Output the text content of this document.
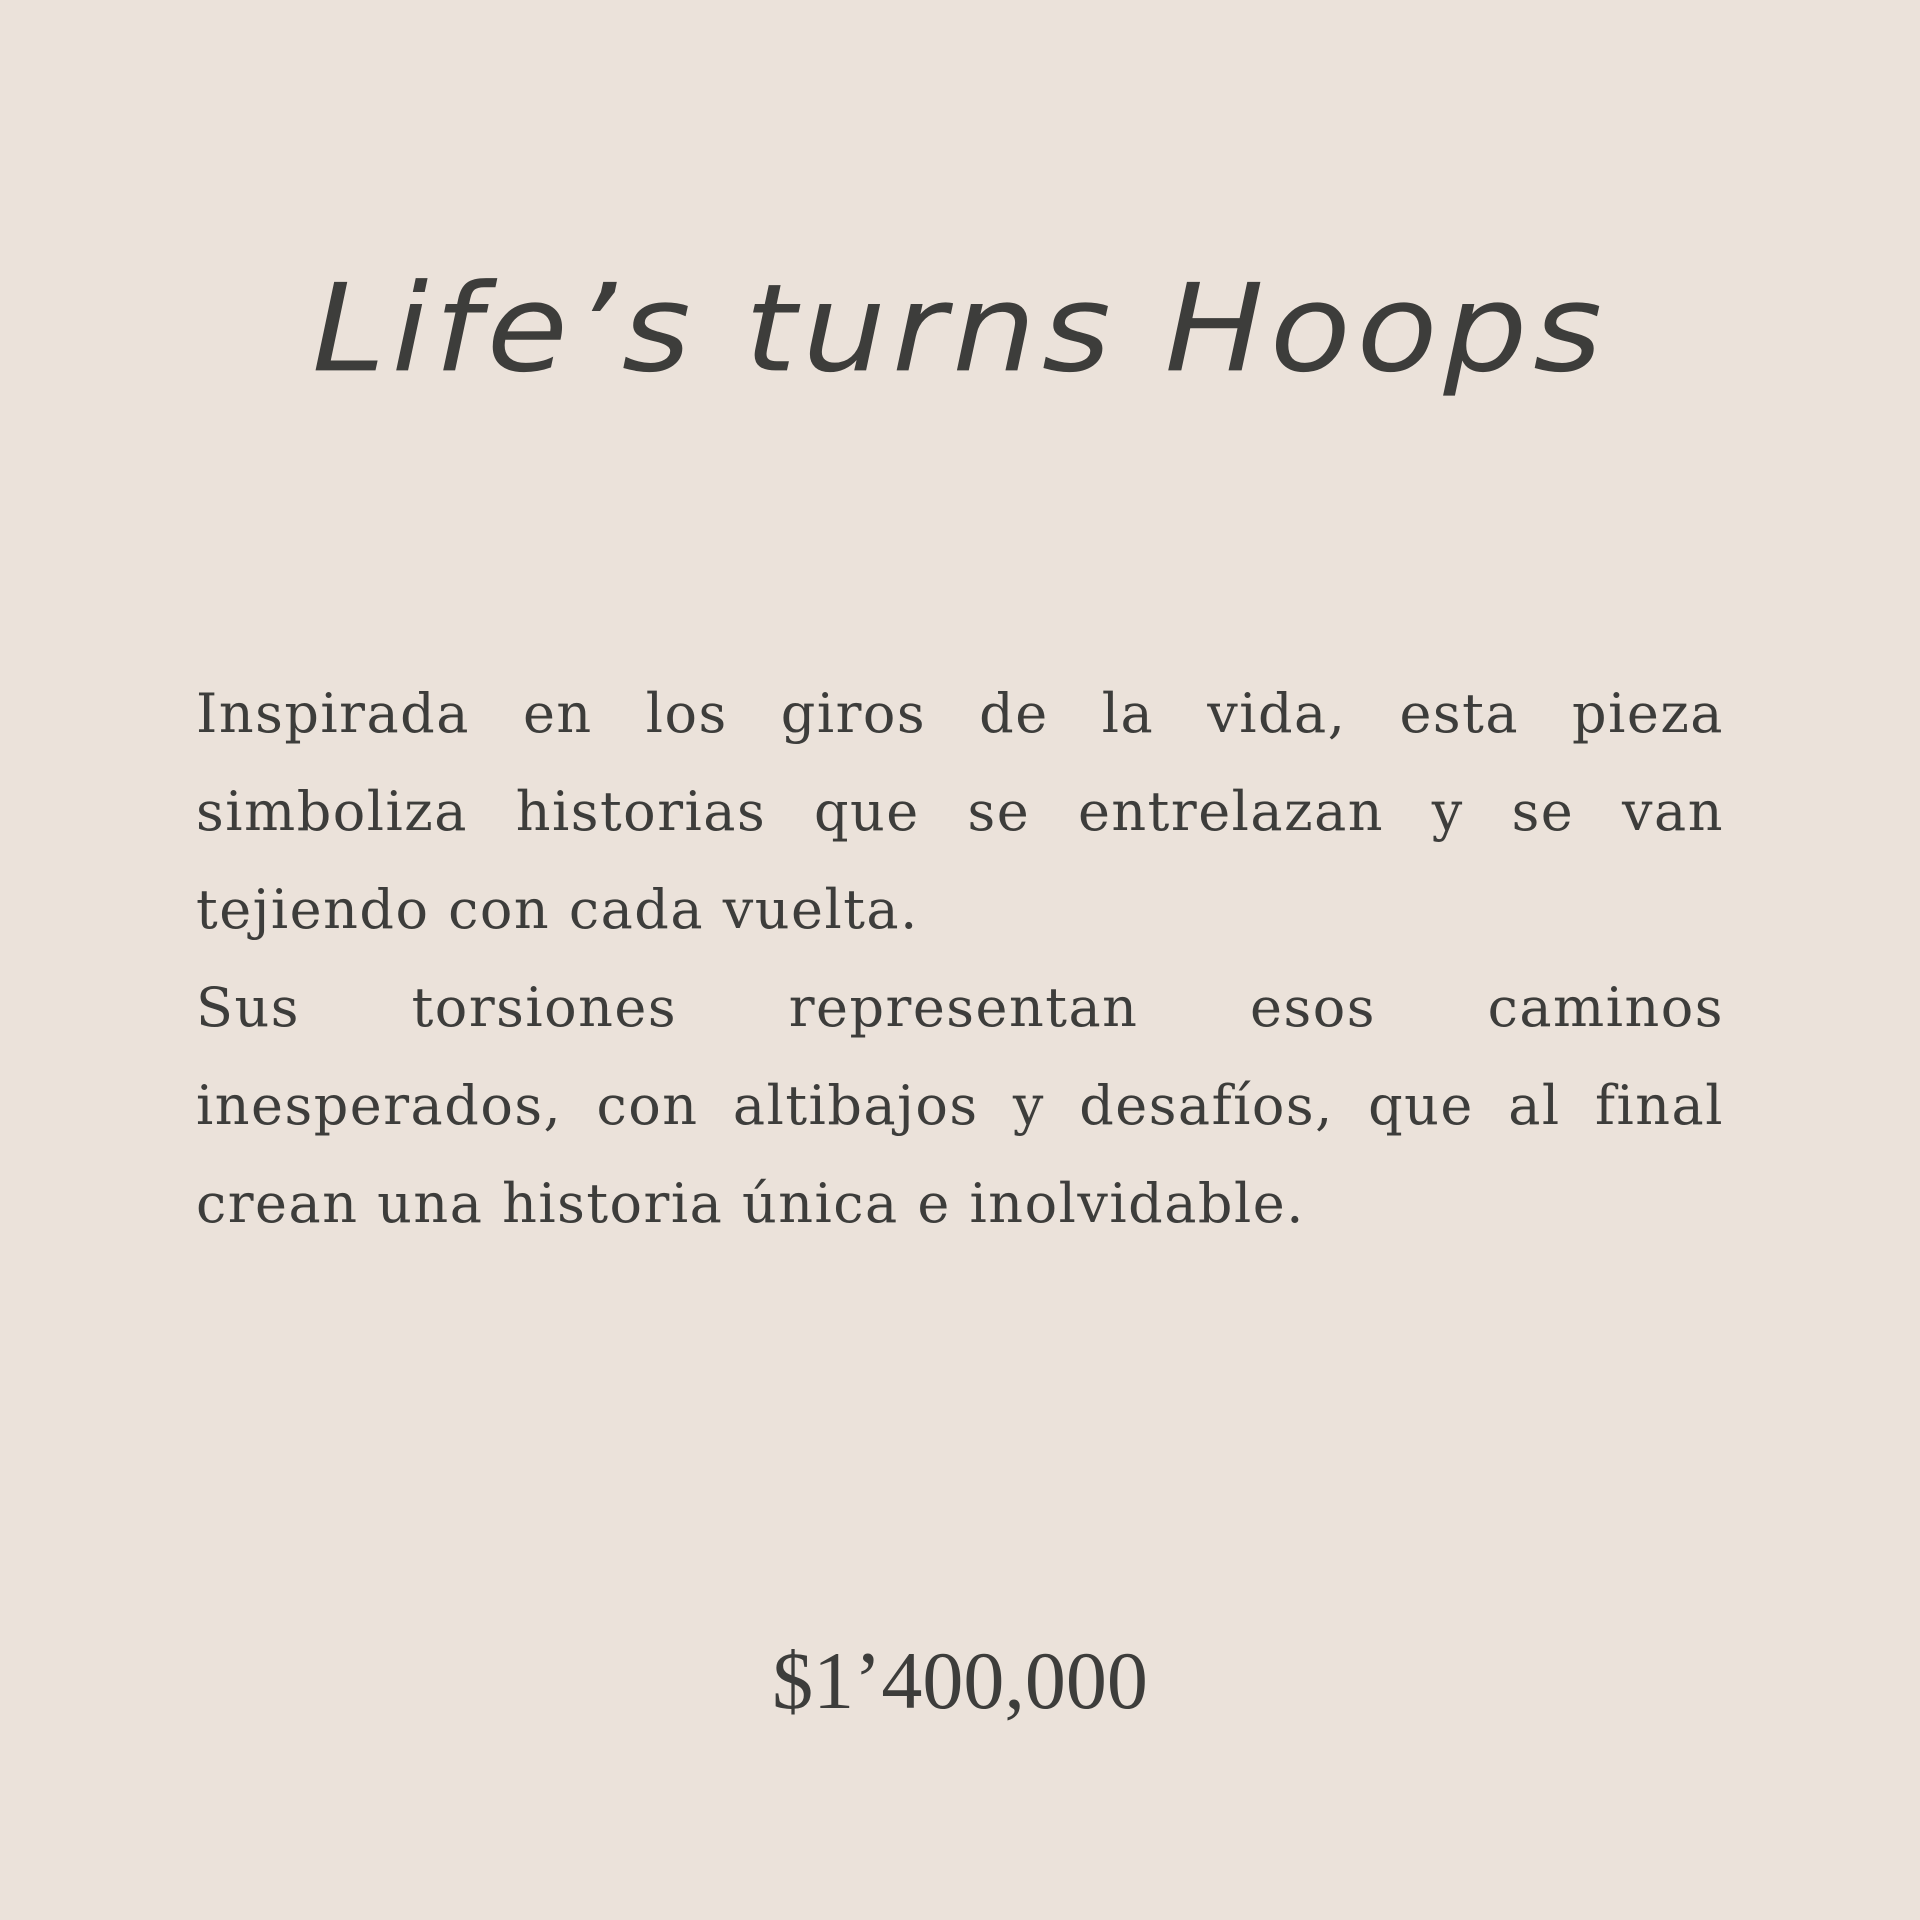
Life’s turns Hoops

Inspirada en los giros de la vida, esta pieza simboliza historias que se entrelazan y se van tejiendo con cada vuelta.

Sus torsiones representan esos caminos inesperados, con altibajos y desafíos, que al final crean una historia única e inolvidable.

$1’400,000
